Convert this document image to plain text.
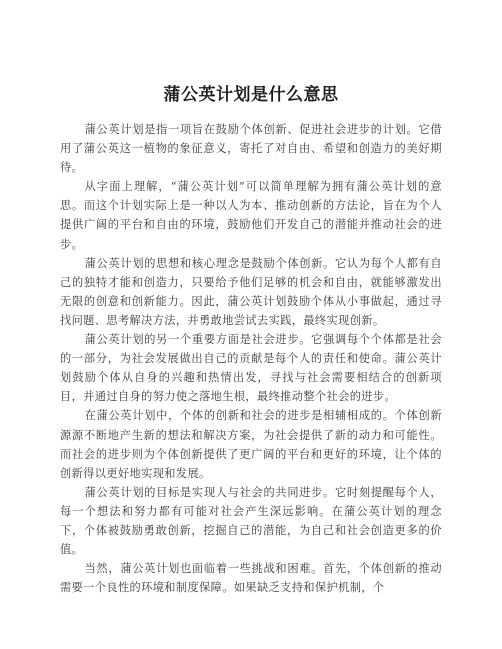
蒲公英计划是什么意思

蒲公英计划是指一项旨在鼓励个体创新、促进社会进步的计划。它借用了蒲公英这一植物的象征意义，寄托了对自由、希望和创造力的美好期待。

从字面上理解，“蒲公英计划”可以简单理解为拥有蒲公英计划的意思。而这个计划实际上是一种以人为本、推动创新的方法论，旨在为个人提供广阔的平台和自由的环境，鼓励他们开发自己的潜能并推动社会的进步。

蒲公英计划的思想和核心理念是鼓励个体创新。它认为每个人都有自己的独特才能和创造力，只要给予他们足够的机会和自由，就能够激发出无限的创意和创新能力。因此，蒲公英计划鼓励个体从小事做起，通过寻找问题、思考解决方法，并勇敢地尝试去实践，最终实现创新。

蒲公英计划的另一个重要方面是社会进步。它强调每个个体都是社会的一部分，为社会发展做出自己的贡献是每个人的责任和使命。蒲公英计划鼓励个体从自身的兴趣和热情出发，寻找与社会需要相结合的创新项目，并通过自身的努力使之落地生根，最终推动整个社会的进步。

在蒲公英计划中，个体的创新和社会的进步是相辅相成的。个体创新源源不断地产生新的想法和解决方案，为社会提供了新的动力和可能性。而社会的进步则为个体创新提供了更广阔的平台和更好的环境，让个体的创新得以更好地实现和发展。

蒲公英计划的目标是实现人与社会的共同进步。它时刻提醒每个人，每一个想法和努力都有可能对社会产生深远影响。在蒲公英计划的理念下，个体被鼓励勇敢创新，挖掘自己的潜能，为自己和社会创造更多的价值。

当然，蒲公英计划也面临着一些挑战和困难。首先，个体创新的推动需要一个良性的环境和制度保障。如果缺乏支持和保护机制，个
